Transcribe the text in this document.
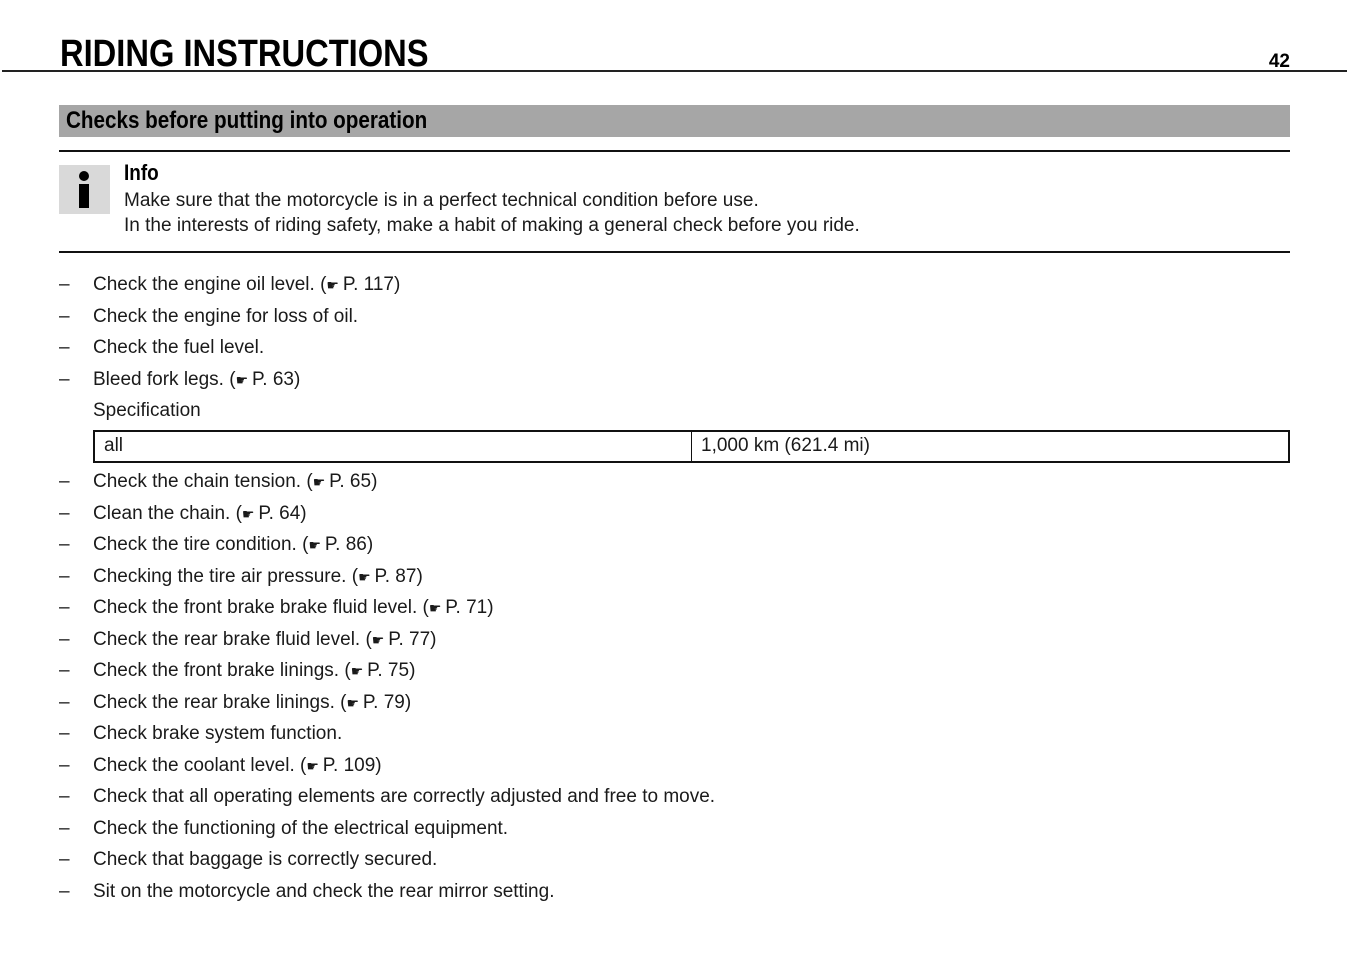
RIDING INSTRUCTIONS	42
Checks before putting into operation
Info
Make sure that the motorcycle is in a perfect technical condition before use.
In the interests of riding safety, make a habit of making a general check before you ride.
– Check the engine oil level. (☛ P. 117)
– Check the engine for loss of oil.
– Check the fuel level.
– Bleed fork legs. (☛ P. 63)
Specification
all	1,000 km (621.4 mi)
– Check the chain tension. (☛ P. 65)
– Clean the chain. (☛ P. 64)
– Check the tire condition. (☛ P. 86)
– Checking the tire air pressure. (☛ P. 87)
– Check the front brake brake fluid level. (☛ P. 71)
– Check the rear brake fluid level. (☛ P. 77)
– Check the front brake linings. (☛ P. 75)
– Check the rear brake linings. (☛ P. 79)
– Check brake system function.
– Check the coolant level. (☛ P. 109)
– Check that all operating elements are correctly adjusted and free to move.
– Check the functioning of the electrical equipment.
– Check that baggage is correctly secured.
– Sit on the motorcycle and check the rear mirror setting.
